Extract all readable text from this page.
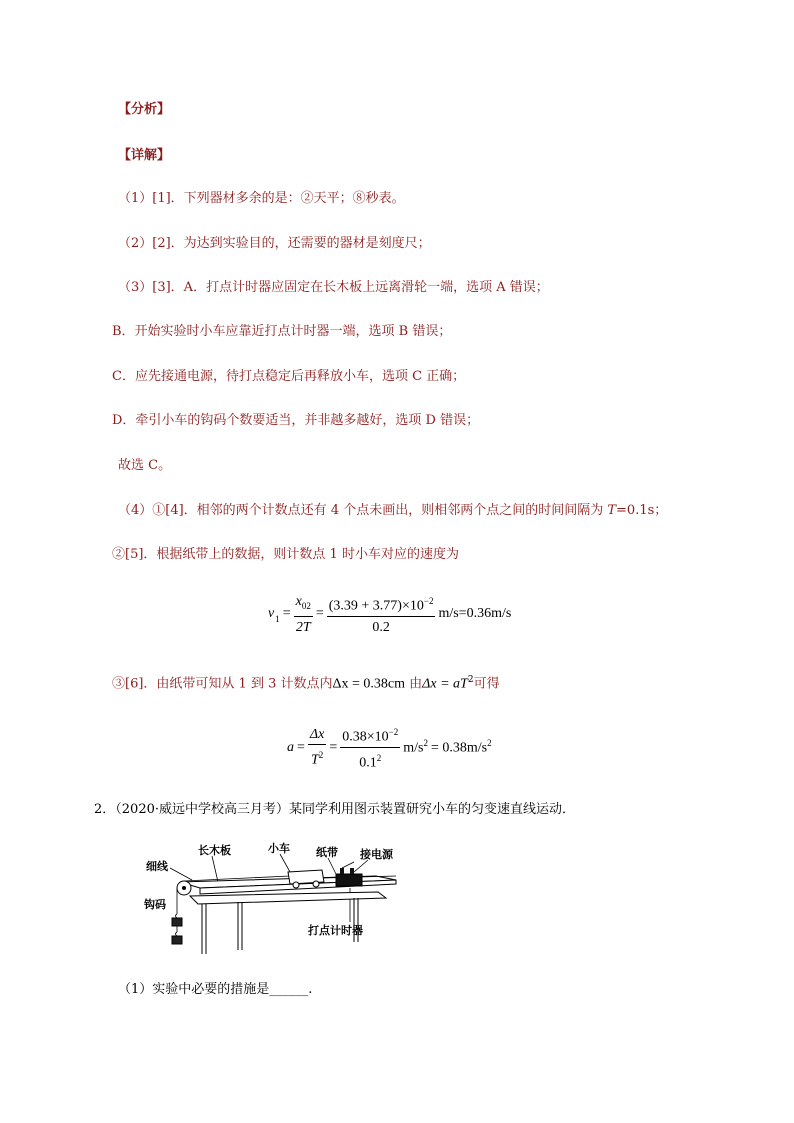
【分析】
【详解】
（1）[1]．下列器材多余的是：②天平；⑧秒表。
（2）[2]．为达到实验目的，还需要的器材是刻度尺；
（3）[3]．A．打点计时器应固定在长木板上远离滑轮一端，选项 A 错误；
B．开始实验时小车应靠近打点计时器一端，选项 B 错误；
C．应先接通电源，待打点稳定后再释放小车，选项 C 正确；
D．牵引小车的钩码个数要适当，并非越多越好，选项 D 错误；
故选 C。
（4）①[4]．相邻的两个计数点还有 4 个点未画出，则相邻两个点之间的时间间隔为 T=0.1s；
②[5]．根据纸带上的数据，则计数点 1 时小车对应的速度为
$v_1 = \frac{x_{02}}{2T} = \frac{(3.39 + 3.77)\times 10^{-2}}{0.2} m/s=0.36m/s$
③[6]．由纸带可知从 1 到 3 计数点内Δx = 0.38cm 由$\Delta x = aT^2$可得
$a = \frac{\Delta x}{T^2} = \frac{0.38\times 10^{-2}}{0.1^2} m/s^2 = 0.38m/s^2$
2．（2020·威远中学校高三月考）某同学利用图示装置研究小车的匀变速直线运动．
细线
长木板	小车 纸带 接电源
钩码
打点计时器
（1）实验中必要的措施是______.
